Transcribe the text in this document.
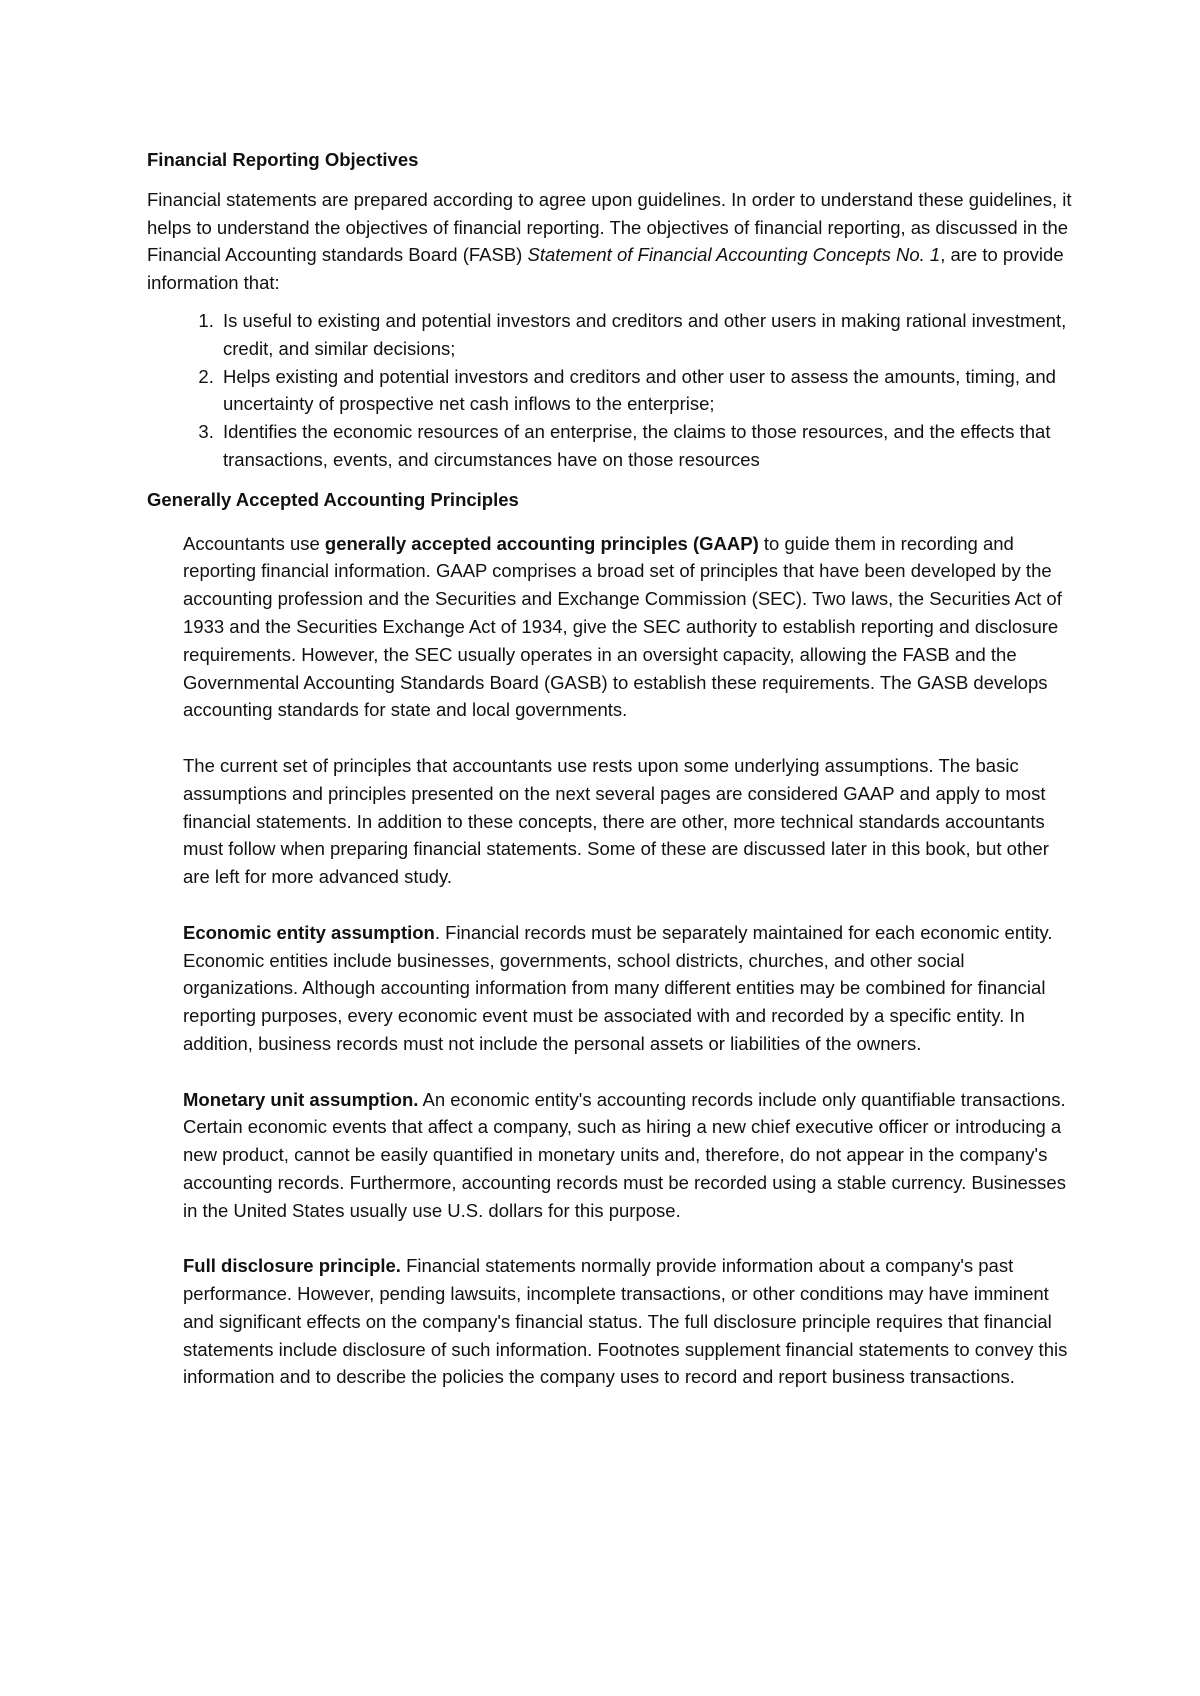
Financial Reporting Objectives

Financial statements are prepared according to agree upon guidelines. In order to understand these guidelines, it helps to understand the objectives of financial reporting. The objectives of financial reporting, as discussed in the Financial Accounting standards Board (FASB) Statement of Financial Accounting Concepts No. 1, are to provide information that:

1. Is useful to existing and potential investors and creditors and other users in making rational investment, credit, and similar decisions;
2. Helps existing and potential investors and creditors and other user to assess the amounts, timing, and uncertainty of prospective net cash inflows to the enterprise;
3. Identifies the economic resources of an enterprise, the claims to those resources, and the effects that transactions, events, and circumstances have on those resources
Generally Accepted Accounting Principles

Accountants use generally accepted accounting principles (GAAP) to guide them in recording and reporting financial information. GAAP comprises a broad set of principles that have been developed by the accounting profession and the Securities and Exchange Commission (SEC). Two laws, the Securities Act of 1933 and the Securities Exchange Act of 1934, give the SEC authority to establish reporting and disclosure requirements. However, the SEC usually operates in an oversight capacity, allowing the FASB and the Governmental Accounting Standards Board (GASB) to establish these requirements. The GASB develops accounting standards for state and local governments.

The current set of principles that accountants use rests upon some underlying assumptions. The basic assumptions and principles presented on the next several pages are considered GAAP and apply to most financial statements. In addition to these concepts, there are other, more technical standards accountants must follow when preparing financial statements. Some of these are discussed later in this book, but other are left for more advanced study.

Economic entity assumption. Financial records must be separately maintained for each economic entity. Economic entities include businesses, governments, school districts, churches, and other social organizations. Although accounting information from many different entities may be combined for financial reporting purposes, every economic event must be associated with and recorded by a specific entity. In addition, business records must not include the personal assets or liabilities of the owners.

Monetary unit assumption. An economic entity's accounting records include only quantifiable transactions. Certain economic events that affect a company, such as hiring a new chief executive officer or introducing a new product, cannot be easily quantified in monetary units and, therefore, do not appear in the company's accounting records. Furthermore, accounting records must be recorded using a stable currency. Businesses in the United States usually use U.S. dollars for this purpose.

Full disclosure principle. Financial statements normally provide information about a company's past performance. However, pending lawsuits, incomplete transactions, or other conditions may have imminent and significant effects on the company's financial status. The full disclosure principle requires that financial statements include disclosure of such information. Footnotes supplement financial statements to convey this information and to describe the policies the company uses to record and report business transactions.
